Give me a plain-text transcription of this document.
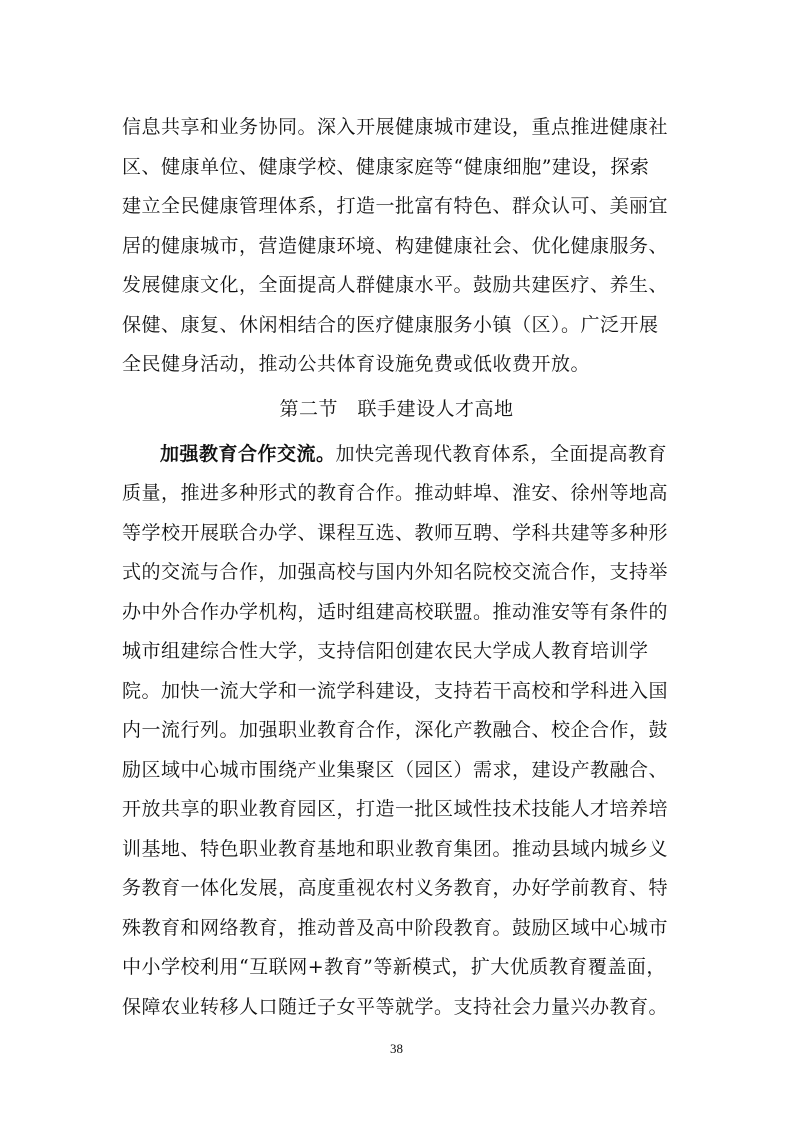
信息共享和业务协同。深入开展健康城市建设，重点推进健康社
区、健康单位、健康学校、健康家庭等“健康细胞”建设，探索
建立全民健康管理体系，打造一批富有特色、群众认可、美丽宜
居的健康城市，营造健康环境、构建健康社会、优化健康服务、
发展健康文化，全面提高人群健康水平。鼓励共建医疗、养生、
保健、康复、休闲相结合的医疗健康服务小镇（区）。广泛开展
全民健身活动，推动公共体育设施免费或低收费开放。
第二节   联手建设人才高地
加强教育合作交流。加快完善现代教育体系，全面提高教育
质量，推进多种形式的教育合作。推动蚌埠、淮安、徐州等地高
等学校开展联合办学、课程互选、教师互聘、学科共建等多种形
式的交流与合作，加强高校与国内外知名院校交流合作，支持举
办中外合作办学机构，适时组建高校联盟。推动淮安等有条件的
城市组建综合性大学，支持信阳创建农民大学成人教育培训学
院。加快一流大学和一流学科建设，支持若干高校和学科进入国
内一流行列。加强职业教育合作，深化产教融合、校企合作，鼓
励区域中心城市围绕产业集聚区（园区）需求，建设产教融合、
开放共享的职业教育园区，打造一批区域性技术技能人才培养培
训基地、特色职业教育基地和职业教育集团。推动县域内城乡义
务教育一体化发展，高度重视农村义务教育，办好学前教育、特
殊教育和网络教育，推动普及高中阶段教育。鼓励区域中心城市
中小学校利用“互联网+教育”等新模式，扩大优质教育覆盖面，
保障农业转移人口随迁子女平等就学。支持社会力量兴办教育。
38
